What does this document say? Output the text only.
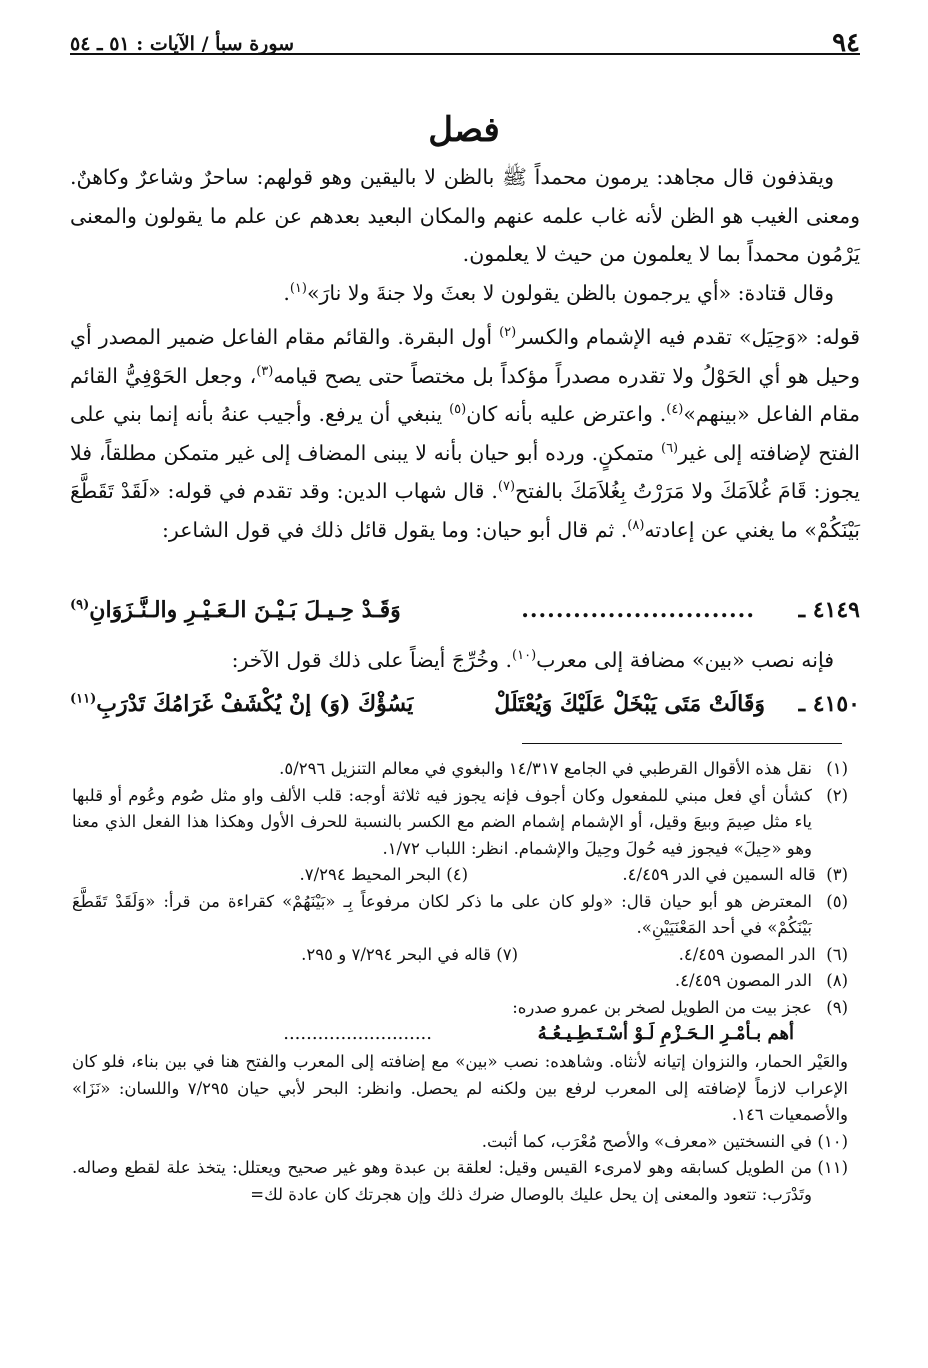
٩٤
سورة سبأ / الآيات : ٥١ ـ ٥٤
فصل

ويقذفون قال مجاهد: يرمون محمداً ﷺ بالظن لا باليقين وهو قولهم: ساحرٌ وشاعرٌ وكاهنٌ. ومعنى الغيب هو الظن لأنه غاب علمه عنهم والمكان البعيد بعدهم عن علم ما يقولون والمعنى يَرْمُون محمداً بما لا يعلمون من حيث لا يعلمون.

وقال قتادة: «أي يرجمون بالظن يقولون لا بعثَ ولا جنةَ ولا نارَ»$^{(١)}$.

قوله: «وَحِيَل» تقدم فيه الإشمام والكسر$^{(٢)}$ أول البقرة. والقائم مقام الفاعل ضمير المصدر أي وحيل هو أي الحَوْلُ ولا تقدره مصدراً مؤكداً بل مختصاً حتى يصح قيامه$^{(٣)}$، وجعل الحَوْفِيُّ القائم مقام الفاعل «بينهم»$^{(٤)}$. واعترض عليه بأنه كان$^{(٥)}$ ينبغي أن يرفع. وأجيب عنهُ بأنه إنما بني على الفتح لإضافته إلى غير$^{(٦)}$ متمكنٍ. ورده أبو حيان بأنه لا يبنى المضاف إلى غير متمكن مطلقاً، فلا يجوز: قَامَ غُلاَمَكَ ولا مَرَرْتُ بِغُلاَمَكَ بالفتح$^{(٧)}$. قال شهاب الدين: وقد تقدم في قوله: «لَقَدْ تَقَطَّعَ بَيْنَكُمْ» ما يغني عن إعادته$^{(٨)}$. ثم قال أبو حيان: وما يقول قائل ذلك في قول الشاعر:

٤١٤٩ ـ
...........................
وَقَـدْ حِـيـلَ بَـيْـنَ الـعَـيْـرِ والـنَّـزَوَانِ$^{(٩)}$
فإنه نصب «بين» مضافة إلى معرب$^{(١٠)}$. وخُرِّجَ أيضاً على ذلك قول الآخر:
٤١٥٠ ـ
وَقَالَتْ مَتَى يَبْخَلْ عَلَيْكَ وَيُعْتَلَلْ
يَسُؤْكَ (وَ) إنْ يُكْشَفْ غَرَامُكَ تَدْرَبِ$^{(١١)}$
(١)
نقل هذه الأقوال القرطبي في الجامع ١٤/٣١٧ والبغوي في معالم التنزيل ٥/٢٩٦.
(٢)
كشأن أي فعل مبني للمفعول وكان أجوف فإنه يجوز فيه ثلاثة أوجه: قلب الألف واو مثل صُوم وعُوم أو قلبها ياء مثل صِيمَ وبيعَ وقيل، أو الإشمام إشمام الضم مع الكسر بالنسبة للحرف الأول وهكذا هذا الفعل الذي معنا وهو «حِيلَ» فيجوز فيه حُولَ وحِيلَ والإشمام. انظر: اللباب ١/٧٢.
(٣)  قاله السمين في الدر ٤/٤٥٩.
(٤) البحر المحيط ٧/٢٩٤.
(٥)
المعترض هو أبو حيان قال: «ولو كان على ما ذكر لكان مرفوعاً بِـ «بَيْنَهُمْ» كقراءة من قرأ: «وَلَقَدْ تَقَطَّعَ بَيْنَكُمْ» في أحد المَعْنَيَيْنِ».
(٦)  الدر المصون ٤/٤٥٩.
(٧) قاله في البحر ٧/٢٩٤ و ٢٩٥.
(٨)
الدر المصون ٤/٤٥٩.
(٩)
عجز بيت من الطويل لصخر بن عمرو صدره:
أهم بـأمْـرِ الـحَـزْمِ لَـوْ أسْـتَـطِـيـعُـهُ
..........................
والعَيْر الحمار، والنزوان إتيانه لأنثاه. وشاهده: نصب «بين» مع إضافته إلى المعرب والفتح هنا في بين بناء، فلو كان الإعراب لازماً لإضافته إلى المعرب لرفع بين ولكنه لم يحصل. وانظر: البحر لأبي حيان ٧/٢٩٥ واللسان: «نَزَا» والأصمعيات ١٤٦.
(١٠)
في النسختين «معرف» والأصح مُعْرَب، كما أثبت.
(١١)
من الطويل كسابقه وهو لامرىء القيس وقيل: لعلقة بن عبدة وهو غير صحيح ويعتلل: يتخذ علة لقطع وصاله. وتَدْرَب: تتعود والمعنى إن يحل عليك بالوصال ضرك ذلك وإن هجرتك كان عادة لك=
